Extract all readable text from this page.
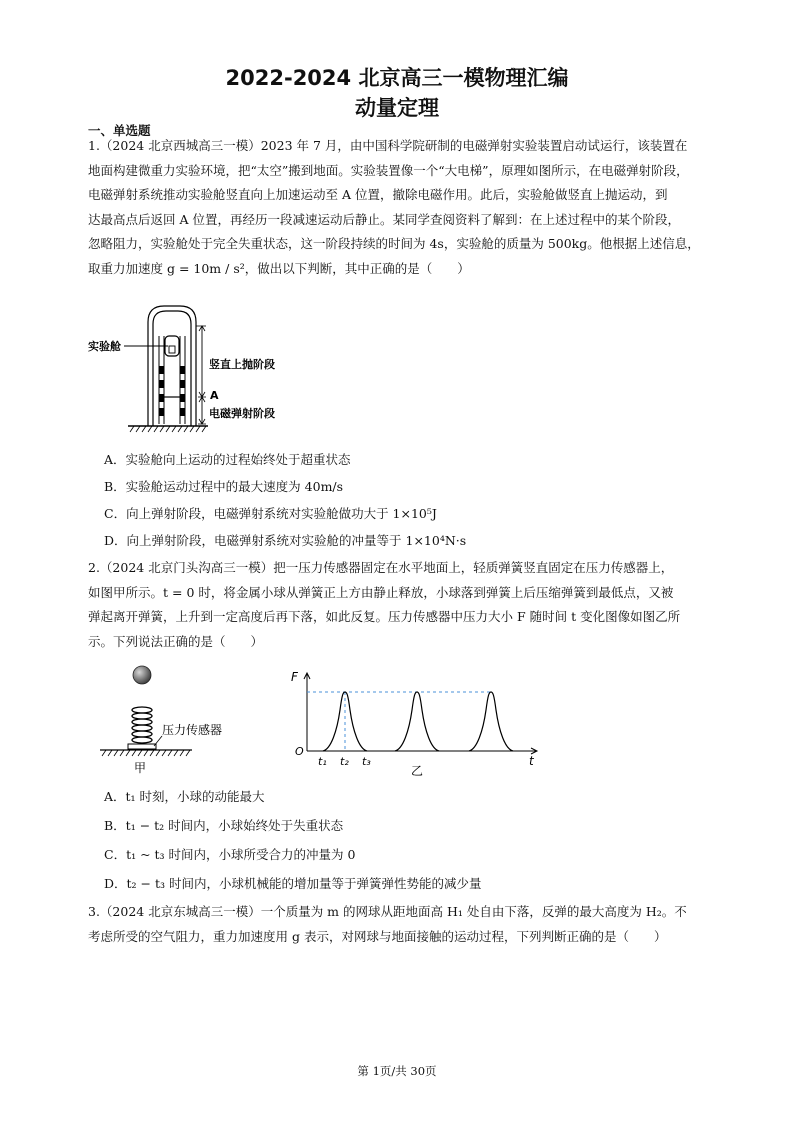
2022-2024 北京高三一模物理汇编
动量定理
一、单选题
1.（2024 北京西城高三一模）2023 年 7 月，由中国科学院研制的电磁弹射实验装置启动试运行，该装置在
地面构建微重力实验环境，把“太空”搬到地面。实验装置像一个“大电梯”，原理如图所示，在电磁弹射阶段，
电磁弹射系统推动实验舱竖直向上加速运动至 A 位置，撤除电磁作用。此后，实验舱做竖直上抛运动，到
达最高点后返回 A 位置，再经历一段减速运动后静止。某同学查阅资料了解到：在上述过程中的某个阶段，
忽略阻力，实验舱处于完全失重状态，这一阶段持续的时间为 4s，实验舱的质量为 500kg。他根据上述信息，
取重力加速度 g = 10m / s²，做出以下判断，其中正确的是（　　）
实验舱
竖直上抛阶段
A
电磁弹射阶段
A．实验舱向上运动的过程始终处于超重状态
B．实验舱运动过程中的最大速度为 40m/s
C．向上弹射阶段，电磁弹射系统对实验舱做功大于 1×10⁵J
D．向上弹射阶段，电磁弹射系统对实验舱的冲量等于 1×10⁴N·s
2.（2024 北京门头沟高三一模）把一压力传感器固定在水平地面上，轻质弹簧竖直固定在压力传感器上，
如图甲所示。t = 0 时，将金属小球从弹簧正上方由静止释放，小球落到弹簧上后压缩弹簧到最低点，又被
弹起离开弹簧，上升到一定高度后再下落，如此反复。压力传感器中压力大小 F 随时间 t 变化图像如图乙所
示。下列说法正确的是（　　）
压力传感器
甲
F
O
t
t₁ t₂ t₃
乙
A．t₁ 时刻，小球的动能最大
B．t₁ − t₂ 时间内，小球始终处于失重状态
C．t₁ ~ t₃ 时间内，小球所受合力的冲量为 0
D．t₂ − t₃ 时间内，小球机械能的增加量等于弹簧弹性势能的减少量
3.（2024 北京东城高三一模）一个质量为 m 的网球从距地面高 H₁ 处自由下落，反弹的最大高度为 H₂。不
考虑所受的空气阻力，重力加速度用 g 表示，对网球与地面接触的运动过程，下列判断正确的是（　　）
第 1页/共 30页
